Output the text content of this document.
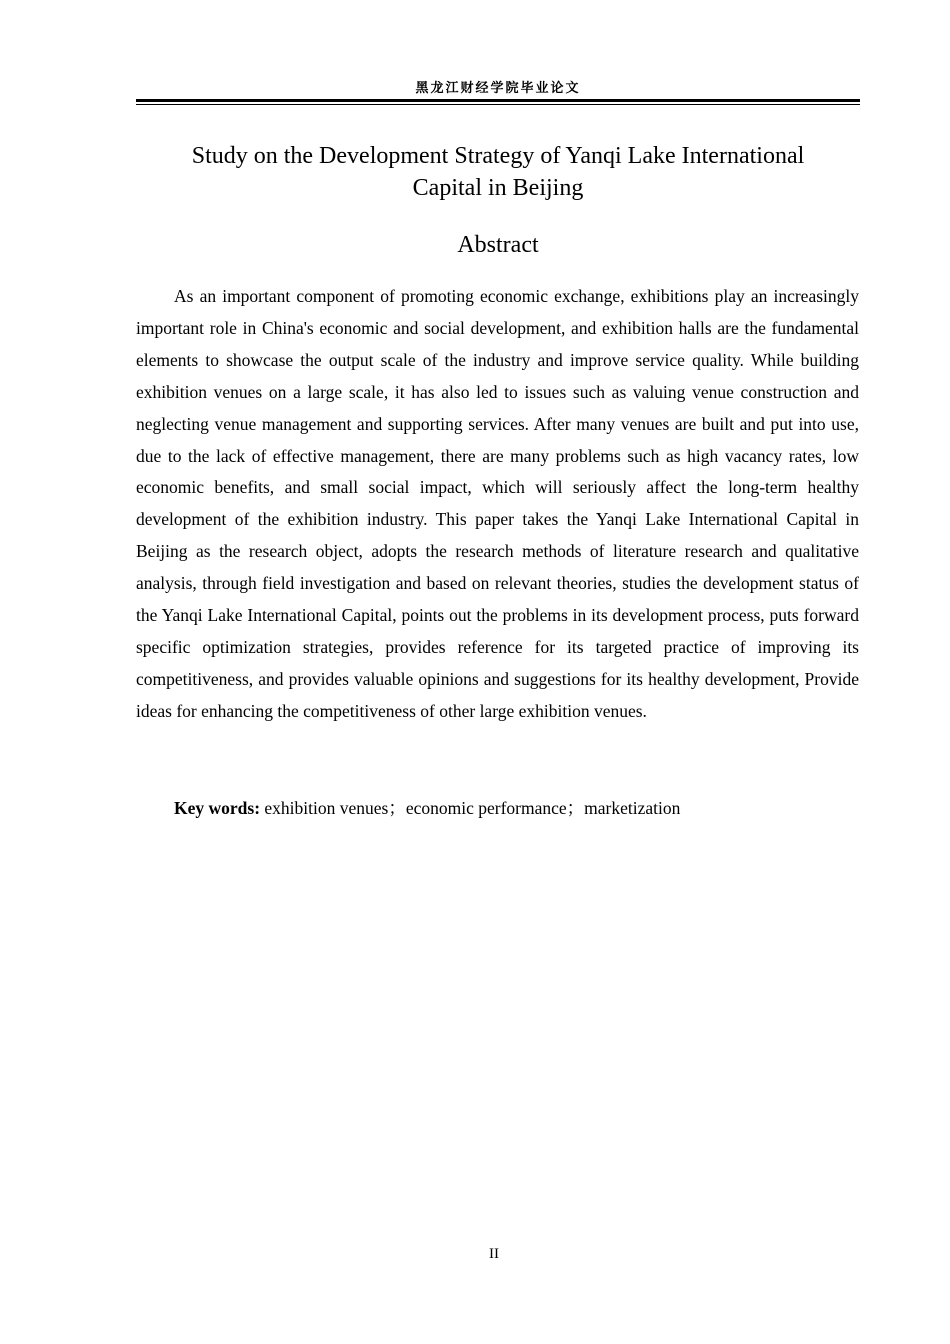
黑龙江财经学院毕业论文
Study on the Development Strategy of Yanqi Lake International
Capital in Beijing
Abstract

As an important component of promoting economic exchange, exhibitions play an increasingly important role in China's economic and social development, and exhibition halls are the fundamental elements to showcase the output scale of the industry and improve service quality. While building exhibition venues on a large scale, it has also led to issues such as valuing venue construction and neglecting venue management and supporting services. After many venues are built and put into use, due to the lack of effective management, there are many problems such as high vacancy rates, low economic benefits, and small social impact, which will seriously affect the long-term healthy development of the exhibition industry. This paper takes the Yanqi Lake International Capital in Beijing as the research object, adopts the research methods of literature research and qualitative analysis, through field investigation and based on relevant theories, studies the development status of the Yanqi Lake International Capital, points out the problems in its development process, puts forward specific optimization strategies, provides reference for its targeted practice of improving its competitiveness, and provides valuable opinions and suggestions for its healthy development, Provide ideas for enhancing the competitiveness of other large exhibition venues.

Key words: exhibition venues；economic performance；marketization
II
